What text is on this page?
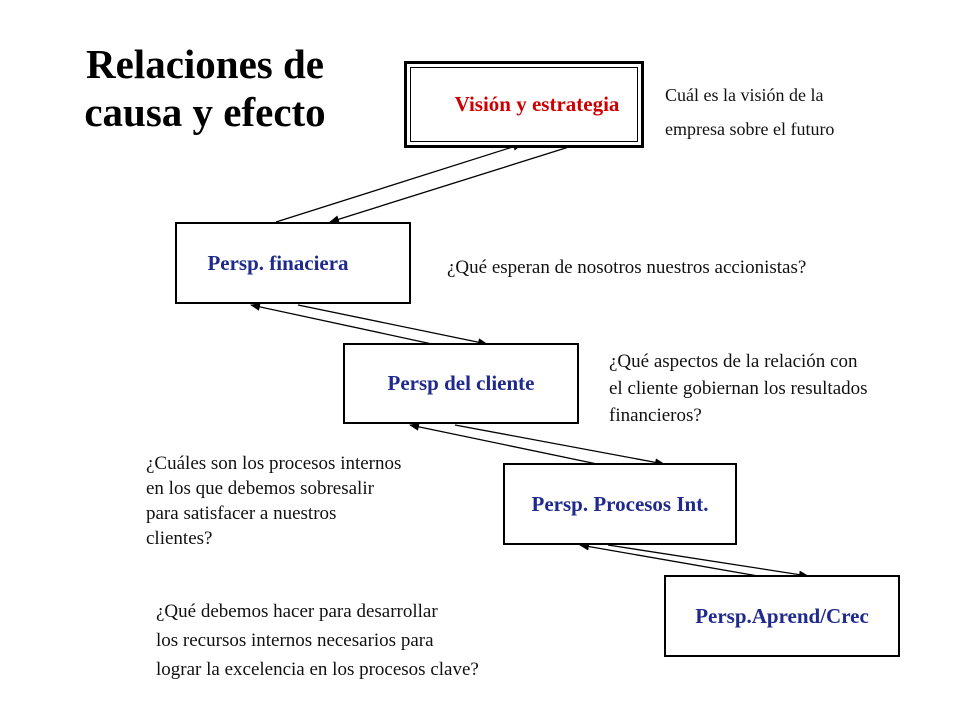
Relaciones de
causa y efecto	Visión y estrategia
Persp. finaciera
Persp del cliente
Persp. Procesos Int.
Persp.Aprend/Crec
Cuál es la visión de la
empresa sobre el futuro
¿Qué esperan de nosotros nuestros accionistas?
¿Qué aspectos de la relación con
el cliente gobiernan los resultados
financieros?
¿Cuáles son los procesos internos
en los que debemos sobresalir
para satisfacer a nuestros
clientes?
¿Qué debemos hacer para desarrollar
los recursos internos necesarios para
lograr la excelencia en los procesos clave?
